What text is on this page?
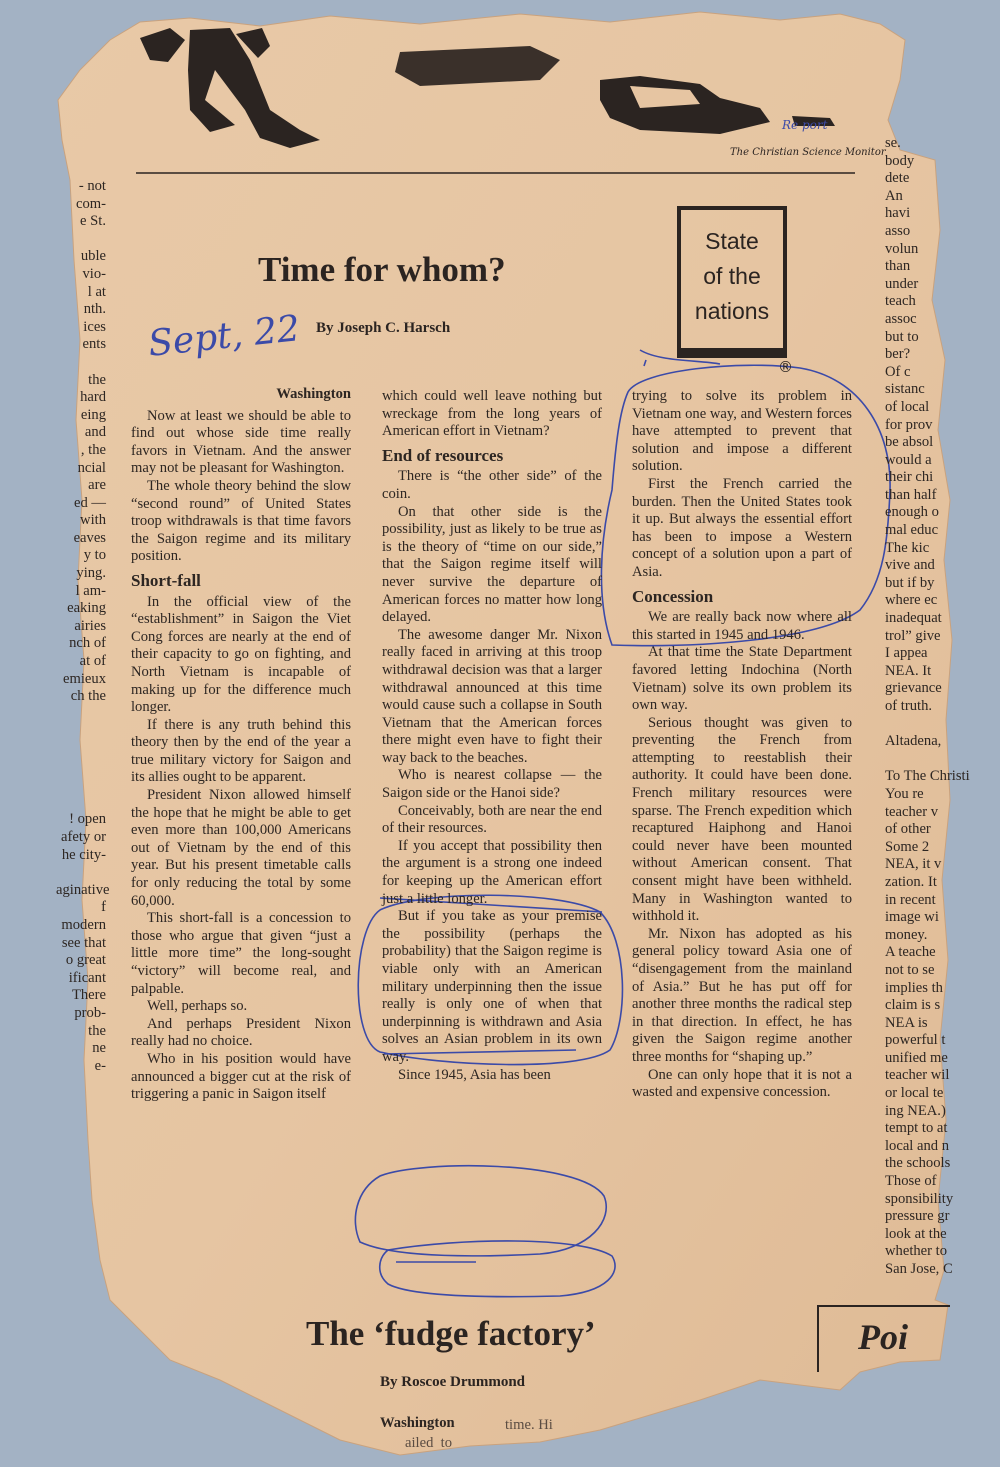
The Christian Science Monitor
Re port
- not
com-
e St.

uble
vio-
l at
nth.
ices
ents

the
hard
eing
and
, the
ncial
are
ed —
with
eaves
y to
ying.
l am-
eaking
airies
nch of
at of
emieux
ch the

! open
afety or
he city-

aginative
f modern
see that
o great
ificant
There
prob-
the
ne
e-
se.
body
dete
An
havi
asso
volun
than
under
teach
assoc
but to
ber?
Of c
sistanc
of local
for prov
be absol
would a
their chi
than half
enough o
mal educ
The kic
vive and
but if by
where ec
inadequat
trol” give
I appea
NEA. It
grievance
of truth.

Altadena,

To The Christi
You re
teacher v
of other
Some 2
NEA, it v
zation. It
in recent
image wi
money.
A teache
not to se
implies th
claim is s
NEA is
powerful t
unified me
teacher wil
or local te
ing NEA.)
tempt to at
local and n
the schools
Those of
sponsibility
pressure gr
look at the
whether to
San Jose, C
Time for whom?
Sept, 22 By Joseph C. Harsch
State
of the
nations
®

Washington

Now at least we should be able to find out whose side time really favors in Vietnam. And the answer may not be pleasant for Washington.

The whole theory behind the slow “second round” of United States troop withdrawals is that time favors the Saigon regime and its military position.

Short-fall

In the official view of the “establishment” in Saigon the Viet Cong forces are nearly at the end of their capacity to go on fighting, and North Vietnam is incapable of making up for the difference much longer.

If there is any truth behind this theory then by the end of the year a true military victory for Saigon and its allies ought to be apparent.

President Nixon allowed himself the hope that he might be able to get even more than 100,000 Americans out of Vietnam by the end of this year. But his present timetable calls for only reducing the total by some 60,000.

This short-fall is a concession to those who argue that given “just a little more time” the long-sought “victory” will become real, and palpable.

Well, perhaps so.

And perhaps President Nixon really had no choice.

Who in his position would have announced a bigger cut at the risk of triggering a panic in Saigon itself

which could well leave nothing but wreckage from the long years of American effort in Vietnam?

End of resources

There is “the other side” of the coin.

On that other side is the possibility, just as likely to be true as is the theory of “time on our side,” that the Saigon regime itself will never survive the departure of American forces no matter how long delayed.

The awesome danger Mr. Nixon really faced in arriving at this troop withdrawal decision was that a larger withdrawal announced at this time would cause such a collapse in South Vietnam that the American forces there might even have to fight their way back to the beaches.

Who is nearest collapse — the Saigon side or the Hanoi side?

Conceivably, both are near the end of their resources.

If you accept that possibility then the argument is a strong one indeed for keeping up the American effort just a little longer.

But if you take as your premise the possibility (perhaps the probability) that the Saigon regime is viable only with an American military underpinning then the issue really is only one of when that underpinning is withdrawn and Asia solves an Asian problem in its own way.

Since 1945, Asia has been

trying to solve its problem in Vietnam one way, and Western forces have attempted to prevent that solution and impose a different solution.

First the French carried the burden. Then the United States took it up. But always the essential effort has been to impose a Western concept of a solution upon a part of Asia.

Concession

We are really back now where all this started in 1945 and 1946.

At that time the State Department favored letting Indochina (North Vietnam) solve its own problem its own way.

Serious thought was given to preventing the French from attempting to reestablish their authority. It could have been done. French military resources were sparse. The French expedition which recaptured Haiphong and Hanoi could never have been mounted without American consent. That consent might have been withheld. Many in Washington wanted to withhold it.

Mr. Nixon has adopted as his general policy toward Asia one of “disengagement from the mainland of Asia.” But he has put off for another three months the radical step in that direction. In effect, he has given the Saigon regime another three months for “shaping up.”

One can only hope that it is not a wasted and expensive concession.

The ‘fudge factory’
By Roscoe Drummond
Washington	time. Hi
ailed  to
Poi
